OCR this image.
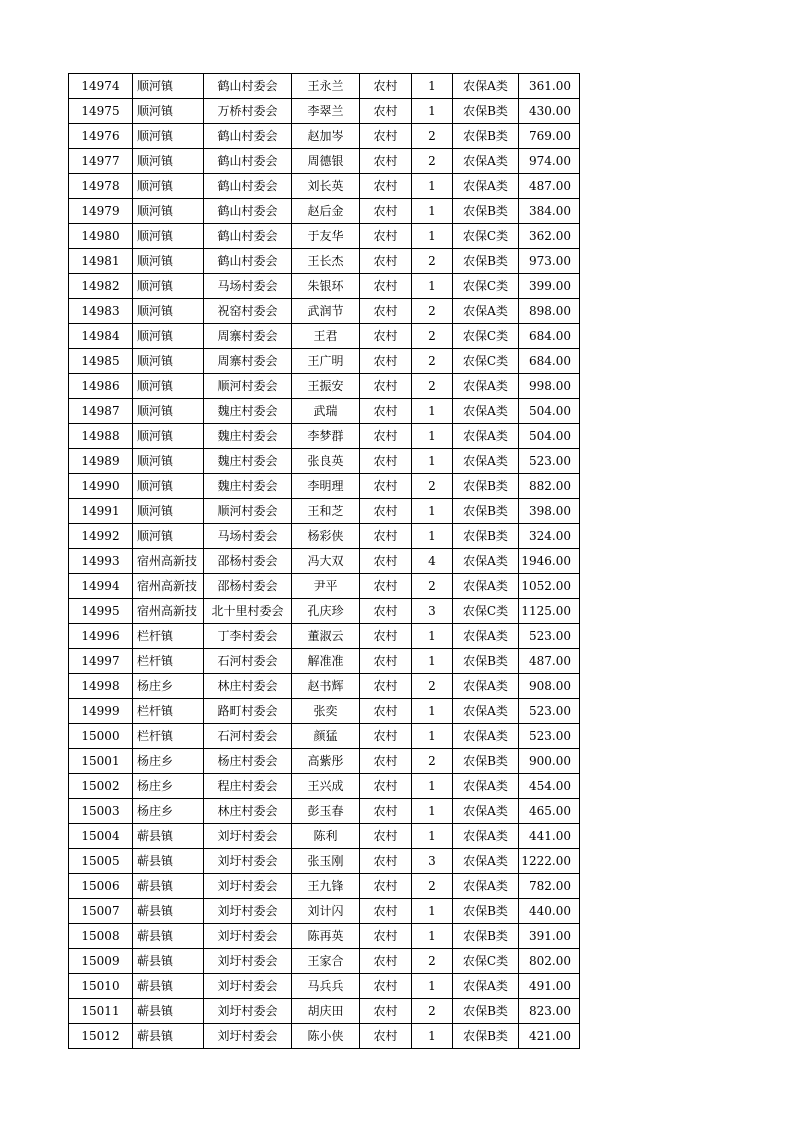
14974	顺河镇	鹤山村委会	王永兰	农村	1	农保A类	361.00
14975	顺河镇	万桥村委会	李翠兰	农村	1	农保B类	430.00
14976	顺河镇	鹤山村委会	赵加岑	农村	2	农保B类	769.00
14977	顺河镇	鹤山村委会	周德银	农村	2	农保A类	974.00
14978	顺河镇	鹤山村委会	刘长英	农村	1	农保A类	487.00
14979	顺河镇	鹤山村委会	赵后金	农村	1	农保B类	384.00
14980	顺河镇	鹤山村委会	于友华	农村	1	农保C类	362.00
14981	顺河镇	鹤山村委会	王长杰	农村	2	农保B类	973.00
14982	顺河镇	马场村委会	朱银环	农村	1	农保C类	399.00
14983	顺河镇	祝窑村委会	武润节	农村	2	农保A类	898.00
14984	顺河镇	周寨村委会	王君	农村	2	农保C类	684.00
14985	顺河镇	周寨村委会	王广明	农村	2	农保C类	684.00
14986	顺河镇	顺河村委会	王振安	农村	2	农保A类	998.00
14987	顺河镇	魏庄村委会	武瑞	农村	1	农保A类	504.00
14988	顺河镇	魏庄村委会	李梦群	农村	1	农保A类	504.00
14989	顺河镇	魏庄村委会	张良英	农村	1	农保A类	523.00
14990	顺河镇	魏庄村委会	李明理	农村	2	农保B类	882.00
14991	顺河镇	顺河村委会	王和芝	农村	1	农保B类	398.00
14992	顺河镇	马场村委会	杨彩侠	农村	1	农保B类	324.00
14993	宿州高新技	邵杨村委会	冯大双	农村	4	农保A类	1946.00
14994	宿州高新技	邵杨村委会	尹平	农村	2	农保A类	1052.00
14995	宿州高新技	北十里村委会	孔庆珍	农村	3	农保C类	1125.00
14996	栏杆镇	丁李村委会	董淑云	农村	1	农保A类	523.00
14997	栏杆镇	石河村委会	解准准	农村	1	农保B类	487.00
14998	杨庄乡	林庄村委会	赵书辉	农村	2	农保A类	908.00
14999	栏杆镇	路町村委会	张奕	农村	1	农保A类	523.00
15000	栏杆镇	石河村委会	颜猛	农村	1	农保A类	523.00
15001	杨庄乡	杨庄村委会	高紫彤	农村	2	农保B类	900.00
15002	杨庄乡	程庄村委会	王兴成	农村	1	农保A类	454.00
15003	杨庄乡	林庄村委会	彭玉春	农村	1	农保A类	465.00
15004	蕲县镇	刘圩村委会	陈利	农村	1	农保A类	441.00
15005	蕲县镇	刘圩村委会	张玉刚	农村	3	农保A类	1222.00
15006	蕲县镇	刘圩村委会	王九锋	农村	2	农保A类	782.00
15007	蕲县镇	刘圩村委会	刘计闪	农村	1	农保B类	440.00
15008	蕲县镇	刘圩村委会	陈再英	农村	1	农保B类	391.00
15009	蕲县镇	刘圩村委会	王家合	农村	2	农保C类	802.00
15010	蕲县镇	刘圩村委会	马兵兵	农村	1	农保A类	491.00
15011	蕲县镇	刘圩村委会	胡庆田	农村	2	农保B类	823.00
15012	蕲县镇	刘圩村委会	陈小侠	农村	1	农保B类	421.00
